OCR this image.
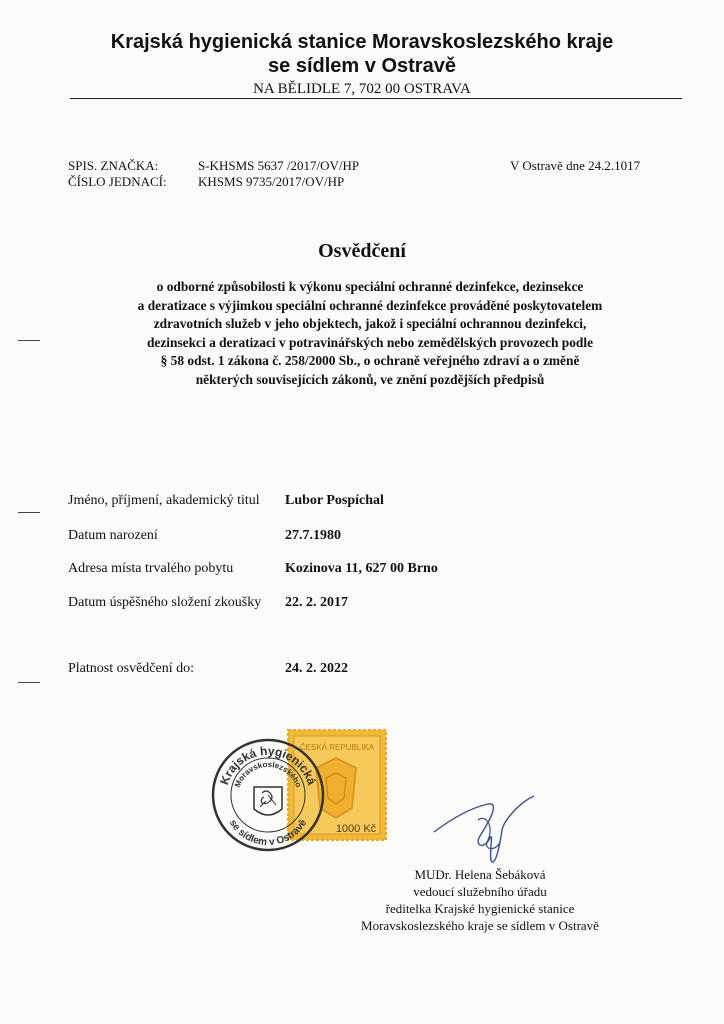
Krajská hygienická stanice Moravskoslezského kraje
se sídlem v Ostravě
NA BĚLIDLE 7, 702 00 OSTRAVA
SPIS. ZNAČKA:	S-KHSMS 5637 /2017/OV/HP
ČÍSLO JEDNACÍ: KHSMS 9735/2017/OV/HP
V Ostravě dne 24.2.1017
Osvědčení
o odborné způsobilosti k výkonu speciální ochranné dezinfekce, dezinsekce
a deratizace s výjimkou speciální ochranné dezinfekce prováděné poskytovatelem
zdravotních služeb v jeho objektech, jakož i speciální ochrannou dezinfekci,
dezinsekci a deratizaci v potravinářských nebo zemědělských provozech podle
§ 58 odst. 1 zákona č. 258/2000 Sb., o ochraně veřejného zdraví a o změně
některých souvisejících zákonů, ve znění pozdějších předpisů
Jméno, příjmení, akademický titul Lubor Pospíchal
Datum narození	27.7.1980
Adresa místa trvalého pobytu	Kozinova 11, 627 00 Brno
Datum úspěšného složení zkoušky 22. 2. 2017
Platnost osvědčení do:	24. 2. 2022
ČESKÁ REPUBLIKA
1000 Kč
Krajská hygienická
Moravskoslezského
se sídlem v Ostravě
MUDr. Helena Šebáková
vedoucí služebního úřadu
ředitelka Krajské hygienické stanice
Moravskoslezského kraje se sídlem v Ostravě
